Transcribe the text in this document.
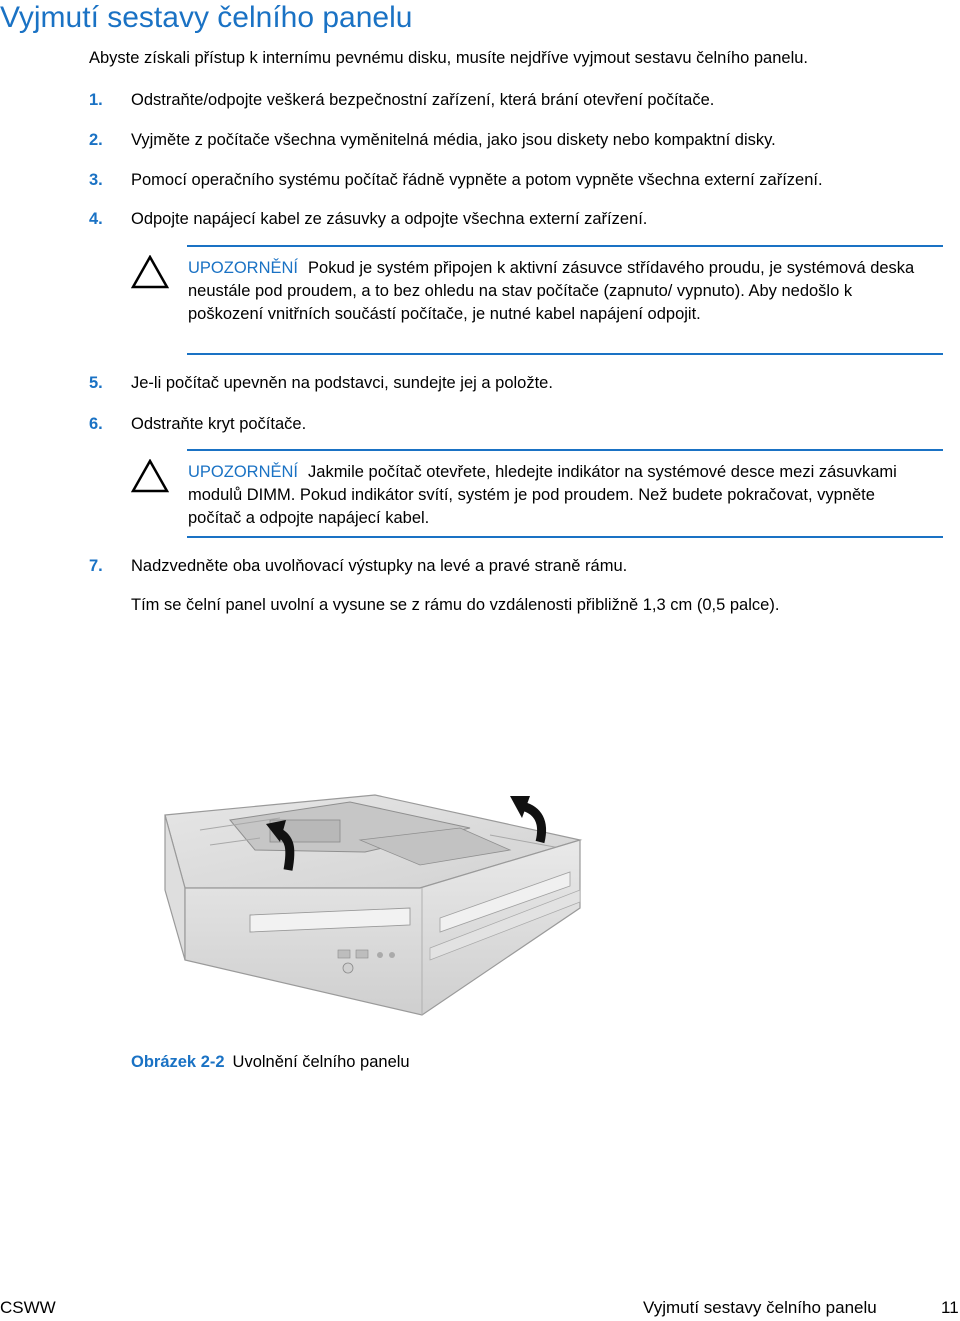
Vyjmutí sestavy čelního panelu
Abyste získali přístup k internímu pevnému disku, musíte nejdříve vyjmout sestavu čelního panelu.
1. Odstraňte/odpojte veškerá bezpečnostní zařízení, která brání otevření počítače.
2. Vyjměte z počítače všechna vyměnitelná média, jako jsou diskety nebo kompaktní disky.
3. Pomocí operačního systému počítač řádně vypněte a potom vypněte všechna externí zařízení.
4. Odpojte napájecí kabel ze zásuvky a odpojte všechna externí zařízení.
UPOZORNĚNÍ Pokud je systém připojen k aktivní zásuvce střídavého proudu, je systémová deska neustále pod proudem, a to bez ohledu na stav počítače (zapnuto/ vypnuto). Aby nedošlo k poškození vnitřních součástí počítače, je nutné kabel napájení odpojit.
5. Je-li počítač upevněn na podstavci, sundejte jej a položte.
6. Odstraňte kryt počítače.
UPOZORNĚNÍ Jakmile počítač otevřete, hledejte indikátor na systémové desce mezi zásuvkami modulů DIMM. Pokud indikátor svítí, systém je pod proudem. Než budete pokračovat, vypněte počítač a odpojte napájecí kabel.
7. Nadzvedněte oba uvolňovací výstupky na levé a pravé straně rámu.
Tím se čelní panel uvolní a vysune se z rámu do vzdálenosti přibližně 1,3 cm (0,5 palce).
Obrázek 2-2 Uvolnění čelního panelu
CSWW	Vyjmutí sestavy čelního panelu	11
